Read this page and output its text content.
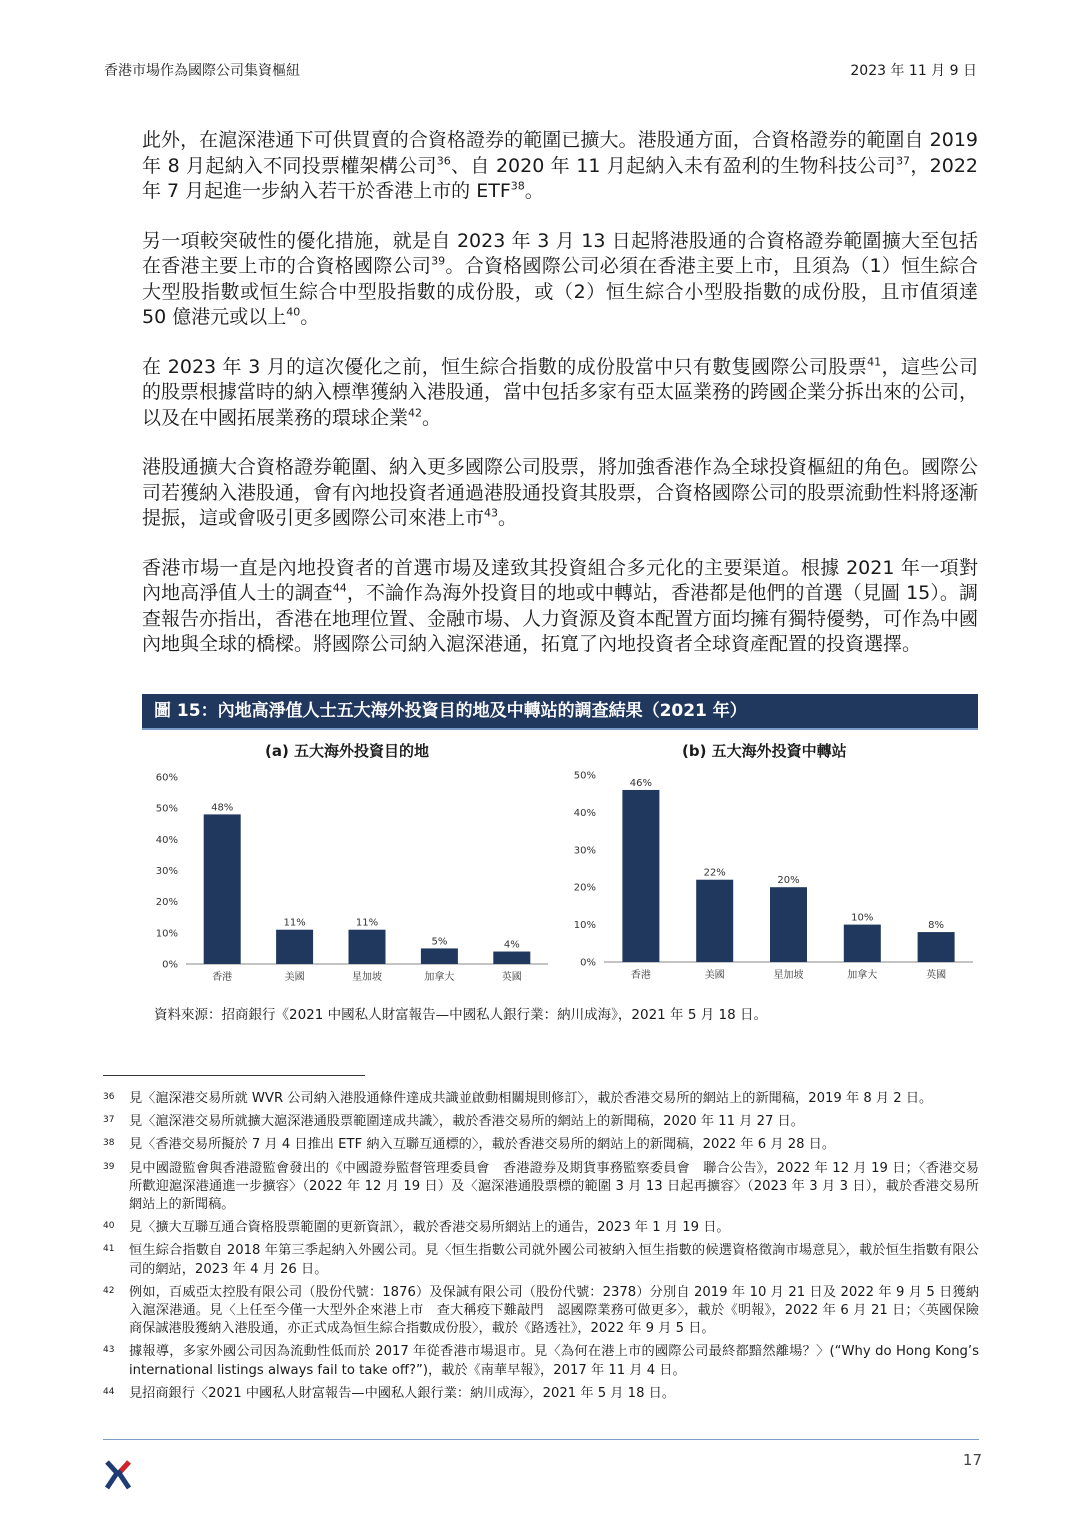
香港市場作為國際公司集資樞紐	2023 年 11 月 9 日

此外，在滬深港通下可供買賣的合資格證券的範圍已擴大。港股通方面，合資格證券的範圍自 2019 年 8 月起納入不同投票權架構公司$^{36}$、自 2020 年 11 月起納入未有盈利的生物科技公司$^{37}$，2022 年 7 月起進一步納入若干於香港上市的 ETF$^{38}$。

另一項較突破性的優化措施，就是自 2023 年 3 月 13 日起將港股通的合資格證券範圍擴大至包括在香港主要上市的合資格國際公司$^{39}$。合資格國際公司必須在香港主要上市，且須為（1）恒生綜合大型股指數或恒生綜合中型股指數的成份股，或（2）恒生綜合小型股指數的成份股，且市值須達 50 億港元或以上$^{40}$。

在 2023 年 3 月的這次優化之前，恒生綜合指數的成份股當中只有數隻國際公司股票$^{41}$，這些公司的股票根據當時的納入標準獲納入港股通，當中包括多家有亞太區業務的跨國企業分拆出來的公司，以及在中國拓展業務的環球企業$^{42}$。

港股通擴大合資格證券範圍、納入更多國際公司股票，將加強香港作為全球投資樞紐的角色。國際公司若獲納入港股通，會有內地投資者通過港股通投資其股票，合資格國際公司的股票流動性料將逐漸提振，這或會吸引更多國際公司來港上市$^{43}$。

香港市場一直是內地投資者的首選市場及達致其投資組合多元化的主要渠道。根據 2021 年一項對內地高淨值人士的調查$^{44}$，不論作為海外投資目的地或中轉站，香港都是他們的首選（見圖 15）。調查報告亦指出，香港在地理位置、金融市場、人力資源及資本配置方面均擁有獨特優勢，可作為中國內地與全球的橋樑。將國際公司納入滬深港通，拓寬了內地投資者全球資產配置的投資選擇。

圖 15：內地高淨值人士五大海外投資目的地及中轉站的調查結果（2021 年）
(a) 五大海外投資目的地	(b) 五大海外投資中轉站
0%
10%
20%
30%
40%
50%
60%
48%
香港
11%
美國
11%
星加坡
5%
加拿大
4%
英國
0%
10%
20%
30%
40%
50%
46%
香港
22%
美國
20%
星加坡
10%
加拿大
8%
英國
資料來源：招商銀行《2021 中國私人財富報告—中國私人銀行業：納川成海》，2021 年 5 月 18 日。
36	見〈滬深港交易所就 WVR 公司納入港股通條件達成共識並啟動相關規則修訂〉，載於香港交易所的網站上的新聞稿，2019 年 8 月 2 日。
37	見〈滬深港交易所就擴大滬深港通股票範圍達成共識〉，載於香港交易所的網站上的新聞稿，2020 年 11 月 27 日。
38	見〈香港交易所擬於 7 月 4 日推出 ETF 納入互聯互通標的〉，載於香港交易所的網站上的新聞稿，2022 年 6 月 28 日。
39	見中國證監會與香港證監會發出的《中國證券監督管理委員會　香港證券及期貨事務監察委員會　聯合公告》，2022 年 12 月 19 日；〈香港交易所歡迎滬深港通進一步擴容〉（2022 年 12 月 19 日）及〈滬深港通股票標的範圍 3 月 13 日起再擴容〉（2023 年 3 月 3 日），載於香港交易所網站上的新聞稿。
40	見〈擴大互聯互通合資格股票範圍的更新資訊〉，載於香港交易所網站上的通告，2023 年 1 月 19 日。
41	恒生綜合指數自 2018 年第三季起納入外國公司。見〈恒生指數公司就外國公司被納入恒生指數的候選資格徵詢市場意見〉，載於恒生指數有限公司的網站，2023 年 4 月 26 日。
42	例如，百威亞太控股有限公司（股份代號：1876）及保誠有限公司（股份代號：2378）分別自 2019 年 10 月 21 日及 2022 年 9 月 5 日獲納入滬深港通。見〈上任至今僅一大型外企來港上市　查大稱疫下難敲門　認國際業務可做更多〉，載於《明報》，2022 年 6 月 21 日；〈英國保險商保誠港股獲納入港股通，亦正式成為恒生綜合指數成份股〉，載於《路透社》，2022 年 9 月 5 日。
43	據報導，多家外國公司因為流動性低而於 2017 年從香港市場退市。見〈為何在港上市的國際公司最終都黯然離場？〉(“Why do Hong Kong’s international listings always fail to take off?”)，載於《南華早報》，2017 年 11 月 4 日。
44	見招商銀行〈2021 中國私人財富報告—中國私人銀行業：納川成海〉，2021 年 5 月 18 日。
17
